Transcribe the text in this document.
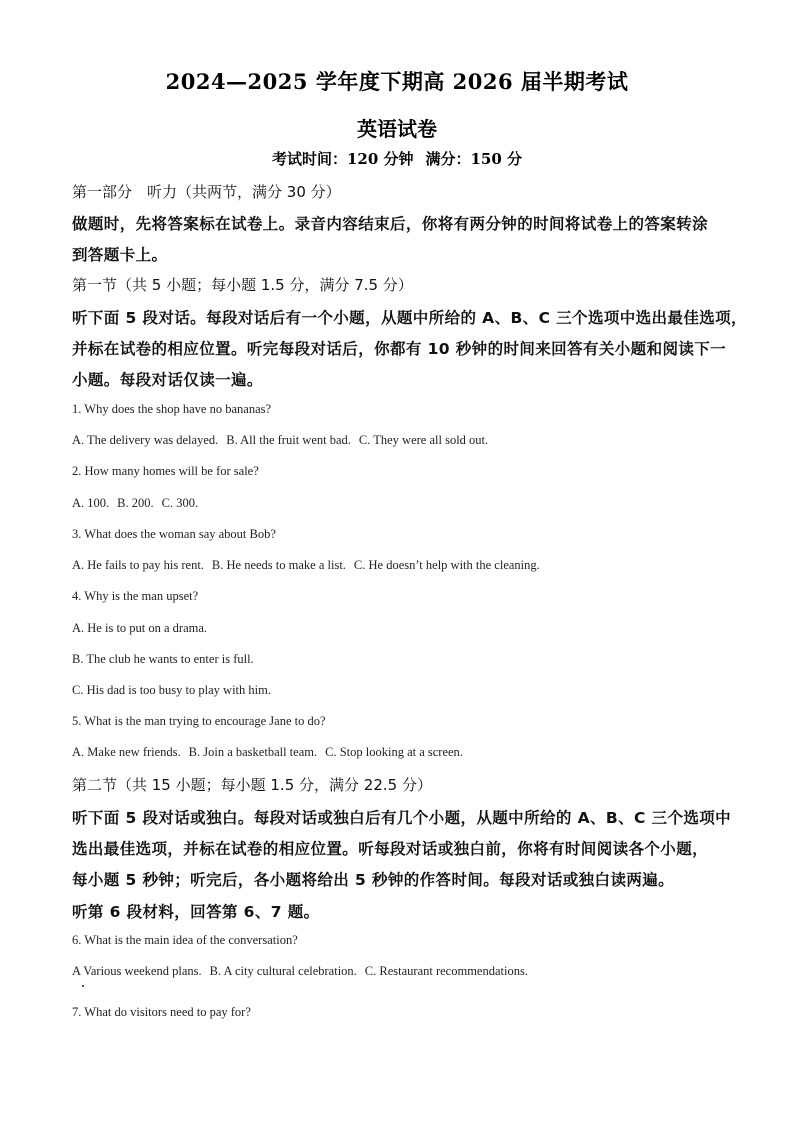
2024—2025 学年度下期高 2026 届半期考试
英语试卷
考试时间：120 分钟 满分：150 分
第一部分　听力（共两节，满分 30 分）
做题时，先将答案标在试卷上。录音内容结束后，你将有两分钟的时间将试卷上的答案转涂
到答题卡上。
第一节（共 5 小题；每小题 1.5 分，满分 7.5 分）
听下面 5 段对话。每段对话后有一个小题，从题中所给的 A、B、C 三个选项中选出最佳选项，
并标在试卷的相应位置。听完每段对话后，你都有 10 秒钟的时间来回答有关小题和阅读下一
小题。每段对话仅读一遍。
1. Why does the shop have no bananas?
A. The delivery was delayed. B. All the fruit went bad. C. They were all sold out.
2. How many homes will be for sale?
A. 100. B. 200. C. 300.
3. What does the woman say about Bob?
A. He fails to pay his rent. B. He needs to make a list. C. He doesn’t help with the cleaning.
4. Why is the man upset?
A. He is to put on a drama.
B. The club he wants to enter is full.
C. His dad is too busy to play with him.
5. What is the man trying to encourage Jane to do?
A. Make new friends. B. Join a basketball team. C. Stop looking at a screen.
第二节（共 15 小题；每小题 1.5 分，满分 22.5 分）
听下面 5 段对话或独白。每段对话或独白后有几个小题，从题中所给的 A、B、C 三个选项中
选出最佳选项，并标在试卷的相应位置。听每段对话或独白前，你将有时间阅读各个小题，
每小题 5 秒钟；听完后，各小题将给出 5 秒钟的作答时间。每段对话或独白读两遍。
听第 6 段材料，回答第 6、7 题。
6. What is the main idea of the conversation?
A Various weekend plans. B. A city cultural celebration. C. Restaurant recommendations.
7. What do visitors need to pay for?
